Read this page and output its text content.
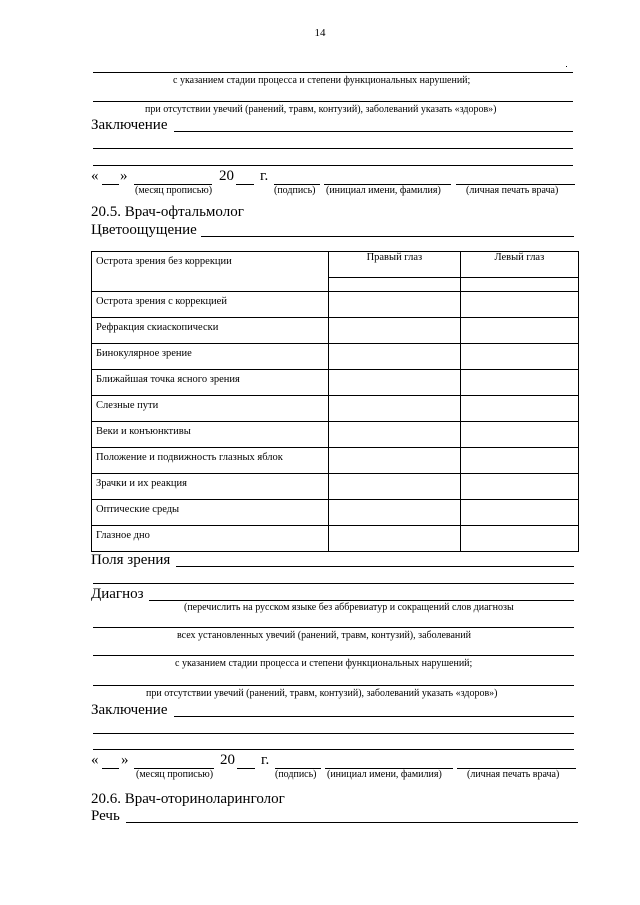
14
с указанием стадии процесса и степени функциональных нарушений;
при отсутствии увечий (ранений, травм, контузий), заболеваний указать «здоров»)
Заключение
« »	20 г.
(месяц прописью)	(подпись) (инициал имени, фамилия)	(личная печать врача)
20.5. Врач-офтальмолог
Цветоощущение
Острота зрения без коррекции	Правый глаз	Левый глаз

Острота зрения с коррекцией		
Рефракция скиаскопически		
Бинокулярное зрение		
Ближайшая точка ясного зрения		
Слезные пути		
Веки и конъюнктивы		
Положение и подвижность глазных яблок		
Зрачки и их реакция		
Оптические среды		
Глазное дно		
Поля зрения
Диагноз
(перечислить на русском языке без аббревиатур и сокращений слов диагнозы
всех установленных увечий (ранений, травм, контузий), заболеваний
с указанием стадии процесса и степени функциональных нарушений;
при отсутствии увечий (ранений, травм, контузий), заболеваний указать «здоров»)
Заключение
« »	20 г.
(месяц прописью)	(подпись) (инициал имени, фамилия)	(личная печать врача)
20.6. Врач-оториноларинголог
Речь
